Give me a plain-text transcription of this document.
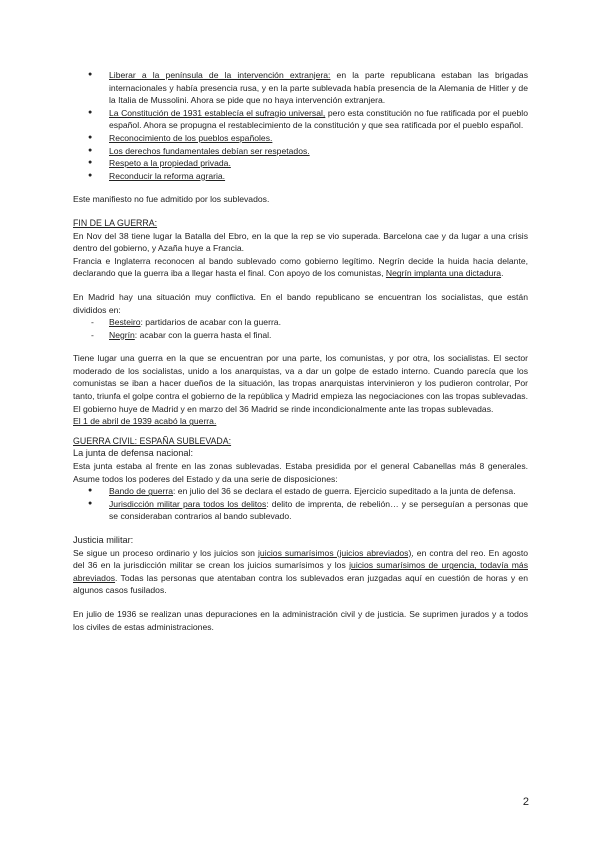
● Liberar a la península de la intervención extranjera: en la parte republicana estaban las brigadas internacionales y había presencia rusa, y en la parte sublevada había presencia de la Alemania de Hitler y de la Italia de Mussolini. Ahora se pide que no haya intervención extranjera.
● La Constitución de 1931 establecía el sufragio universal, pero esta constitución no fue ratificada por el pueblo español. Ahora se propugna el restablecimiento de la constitución y que sea ratificada por el pueblo español.
● Reconocimiento de los pueblos españoles.
● Los derechos fundamentales debían ser respetados.
● Respeto a la propiedad privada.
● Reconducir la reforma agraria.

Este manifiesto no fue admitido por los sublevados.

FIN DE LA GUERRA:

En Nov del 38 tiene lugar la Batalla del Ebro, en la que la rep se vio superada. Barcelona cae y da lugar a una crisis dentro del gobierno, y Azaña huye a Francia.

Francia e Inglaterra reconocen al bando sublevado como gobierno legítimo. Negrín decide la huida hacia delante, declarando que la guerra iba a llegar hasta el final. Con apoyo de los comunistas, Negrín implanta una dictadura.

En Madrid hay una situación muy conflictiva. En el bando republicano se encuentran los socialistas, que están divididos en:

- Besteiro: partidarios de acabar con la guerra.
- Negrín: acabar con la guerra hasta el final.

Tiene lugar una guerra en la que se encuentran por una parte, los comunistas, y por otra, los socialistas. El sector moderado de los socialistas, unido a los anarquistas, va a dar un golpe de estado interno. Cuando parecía que los comunistas se iban a hacer dueños de la situación, las tropas anarquistas intervinieron y los pudieron controlar, Por tanto, triunfa el golpe contra el gobierno de la república y Madrid empieza las negociaciones con las tropas sublevadas. El gobierno huye de Madrid y en marzo del 36 Madrid se rinde incondicionalmente ante las tropas sublevadas.

El 1 de abril de 1939 acabó la guerra.

GUERRA CIVIL: ESPAÑA SUBLEVADA:

La junta de defensa nacional:

Esta junta estaba al frente en las zonas sublevadas. Estaba presidida por el general Cabanellas más 8 generales. Asume todos los poderes del Estado y da una serie de disposiciones:

● Bando de guerra: en julio del 36 se declara el estado de guerra. Ejercicio supeditado a la junta de defensa.
● Jurisdicción militar para todos los delitos: delito de imprenta, de rebelión… y se perseguían a personas que se consideraban contrarios al bando sublevado.

Justicia militar:

Se sigue un proceso ordinario y los juicios son juicios sumarísimos (juicios abreviados), en contra del reo. En agosto del 36 en la jurisdicción militar se crean los juicios sumarísimos y los juicios sumarísimos de urgencia, todavía más abreviados. Todas las personas que atentaban contra los sublevados eran juzgadas aquí en cuestión de horas y en algunos casos fusilados.

En julio de 1936 se realizan unas depuraciones en la administración civil y de justicia. Se suprimen jurados y a todos los civiles de estas administraciones.

2
